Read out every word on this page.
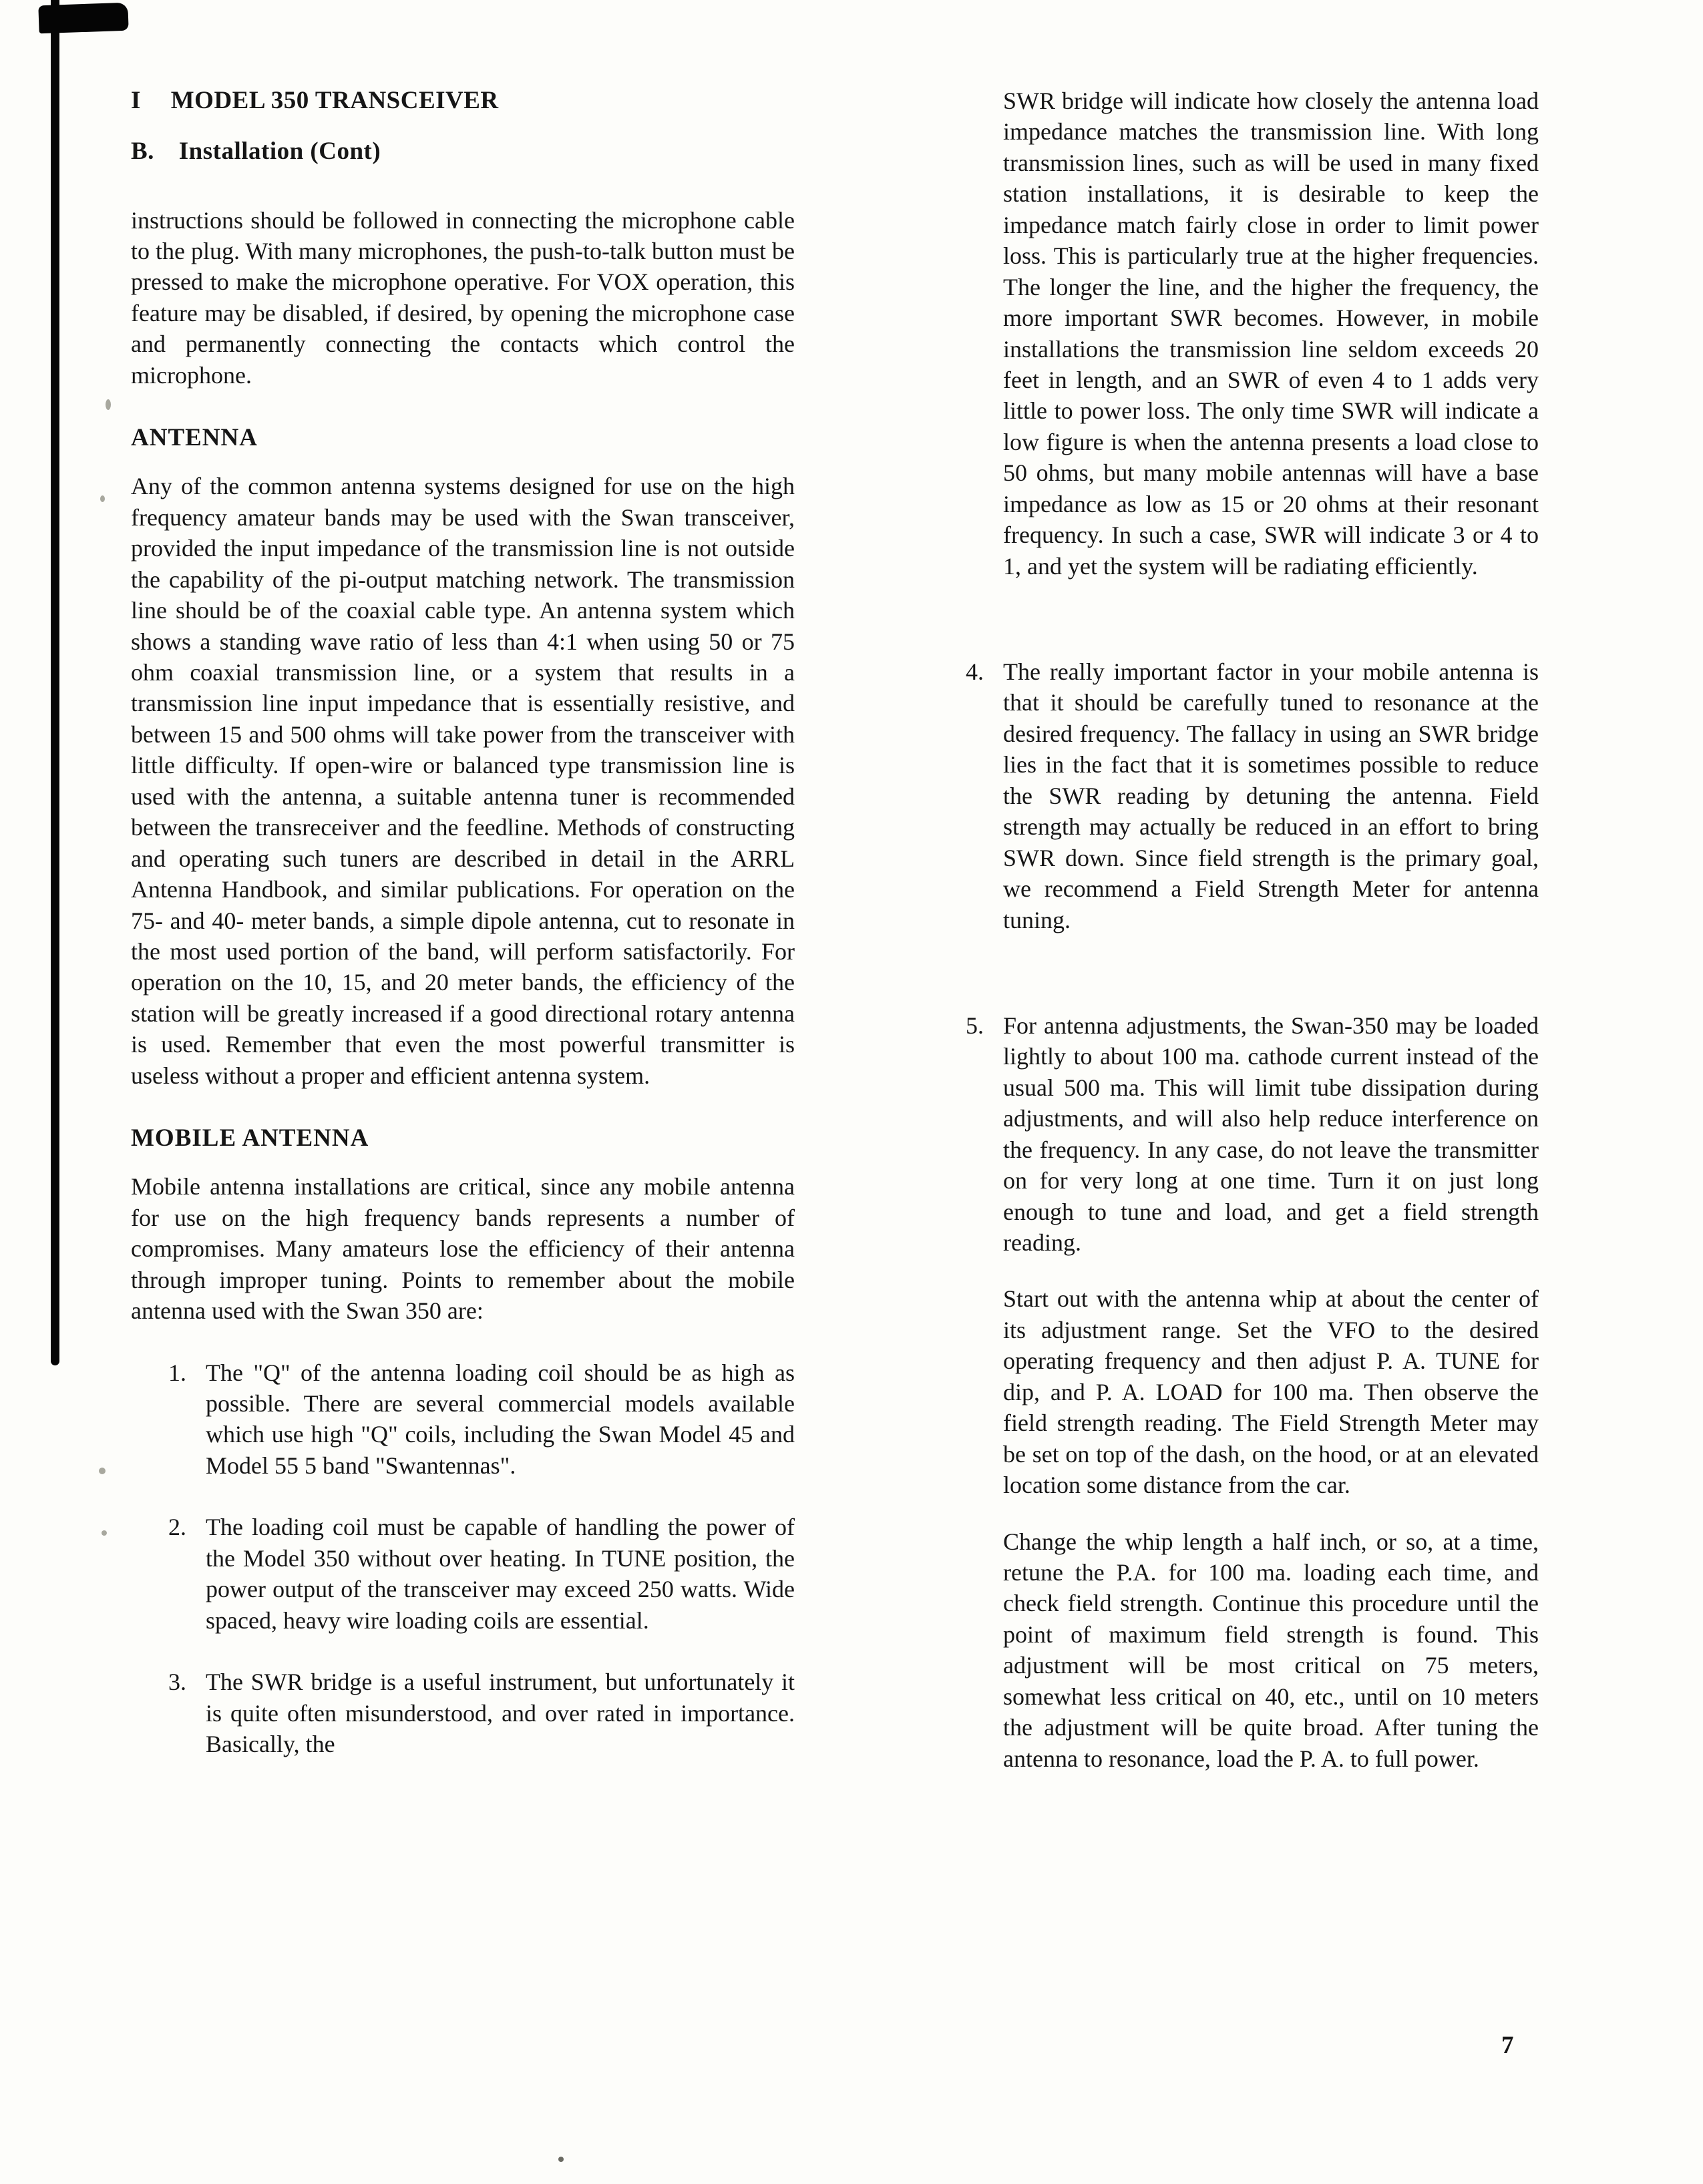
I MODEL 350 TRANSCEIVER
B. Installation (Cont)

instructions should be followed in connecting the microphone cable to the plug. With many microphones, the push-to-talk button must be pressed to make the microphone operative. For VOX operation, this feature may be disabled, if desired, by opening the microphone case and permanently connecting the contacts which control the microphone.

ANTENNA

Any of the common antenna systems designed for use on the high frequency amateur bands may be used with the Swan transceiver, provided the input impedance of the transmission line is not outside the capability of the pi-output matching network. The transmission line should be of the coaxial cable type. An antenna system which shows a standing wave ratio of less than 4:1 when using 50 or 75 ohm coaxial transmission line, or a system that results in a transmission line input impedance that is essentially resistive, and between 15 and 500 ohms will take power from the transceiver with little difficulty. If open-wire or balanced type transmission line is used with the antenna, a suitable antenna tuner is recommended between the transreceiver and the feedline. Methods of constructing and operating such tuners are described in detail in the ARRL Antenna Handbook, and similar publications. For operation on the 75- and 40- meter bands, a simple dipole antenna, cut to resonate in the most used portion of the band, will perform satisfactorily. For operation on the 10, 15, and 20 meter bands, the efficiency of the station will be greatly increased if a good directional rotary antenna is used. Remember that even the most powerful transmitter is useless without a proper and efficient antenna system.

MOBILE ANTENNA

Mobile antenna installations are critical, since any mobile antenna for use on the high frequency bands represents a number of compromises. Many amateurs lose the efficiency of their antenna through improper tuning. Points to remember about the mobile antenna used with the Swan 350 are:

1. The "Q" of the antenna loading coil should be as high as possible. There are several commercial models available which use high "Q" coils, including the Swan Model 45 and Model 55 5 band "Swantennas".
2. The loading coil must be capable of handling the power of the Model 350 without over heating. In TUNE position, the power output of the transceiver may exceed 250 watts. Wide spaced, heavy wire loading coils are essential.
3. The SWR bridge is a useful instrument, but unfortunately it is quite often misunderstood, and over rated in importance. Basically, the

SWR bridge will indicate how closely the antenna load impedance matches the transmission line. With long transmission lines, such as will be used in many fixed station installations, it is desirable to keep the impedance match fairly close in order to limit power loss. This is particularly true at the higher frequencies. The longer the line, and the higher the frequency, the more important SWR becomes. However, in mobile installations the transmission line seldom exceeds 20 feet in length, and an SWR of even 4 to 1 adds very little to power loss. The only time SWR will indicate a low figure is when the antenna presents a load close to 50 ohms, but many mobile antennas will have a base impedance as low as 15 or 20 ohms at their resonant frequency. In such a case, SWR will indicate 3 or 4 to 1, and yet the system will be radiating efficiently.

4. The really important factor in your mobile antenna is that it should be carefully tuned to resonance at the desired frequency. The fallacy in using an SWR bridge lies in the fact that it is sometimes possible to reduce the SWR reading by detuning the antenna. Field strength may actually be reduced in an effort to bring SWR down. Since field strength is the primary goal, we recommend a Field Strength Meter for antenna tuning.
5. For antenna adjustments, the Swan-350 may be loaded lightly to about 100 ma. cathode current instead of the usual 500 ma. This will limit tube dissipation during adjustments, and will also help reduce interference on the frequency. In any case, do not leave the transmitter on for very long at one time. Turn it on just long enough to tune and load, and get a field strength reading.

Start out with the antenna whip at about the center of its adjustment range. Set the VFO to the desired operating frequency and then adjust P. A. TUNE for dip, and P. A. LOAD for 100 ma. Then observe the field strength reading. The Field Strength Meter may be set on top of the dash, on the hood, or at an elevated location some distance from the car.

Change the whip length a half inch, or so, at a time, retune the P.A. for 100 ma. loading each time, and check field strength. Continue this procedure until the point of maximum field strength is found. This adjustment will be most critical on 75 meters, somewhat less critical on 40, etc., until on 10 meters the adjustment will be quite broad. After tuning the antenna to resonance, load the P. A. to full power.

7
